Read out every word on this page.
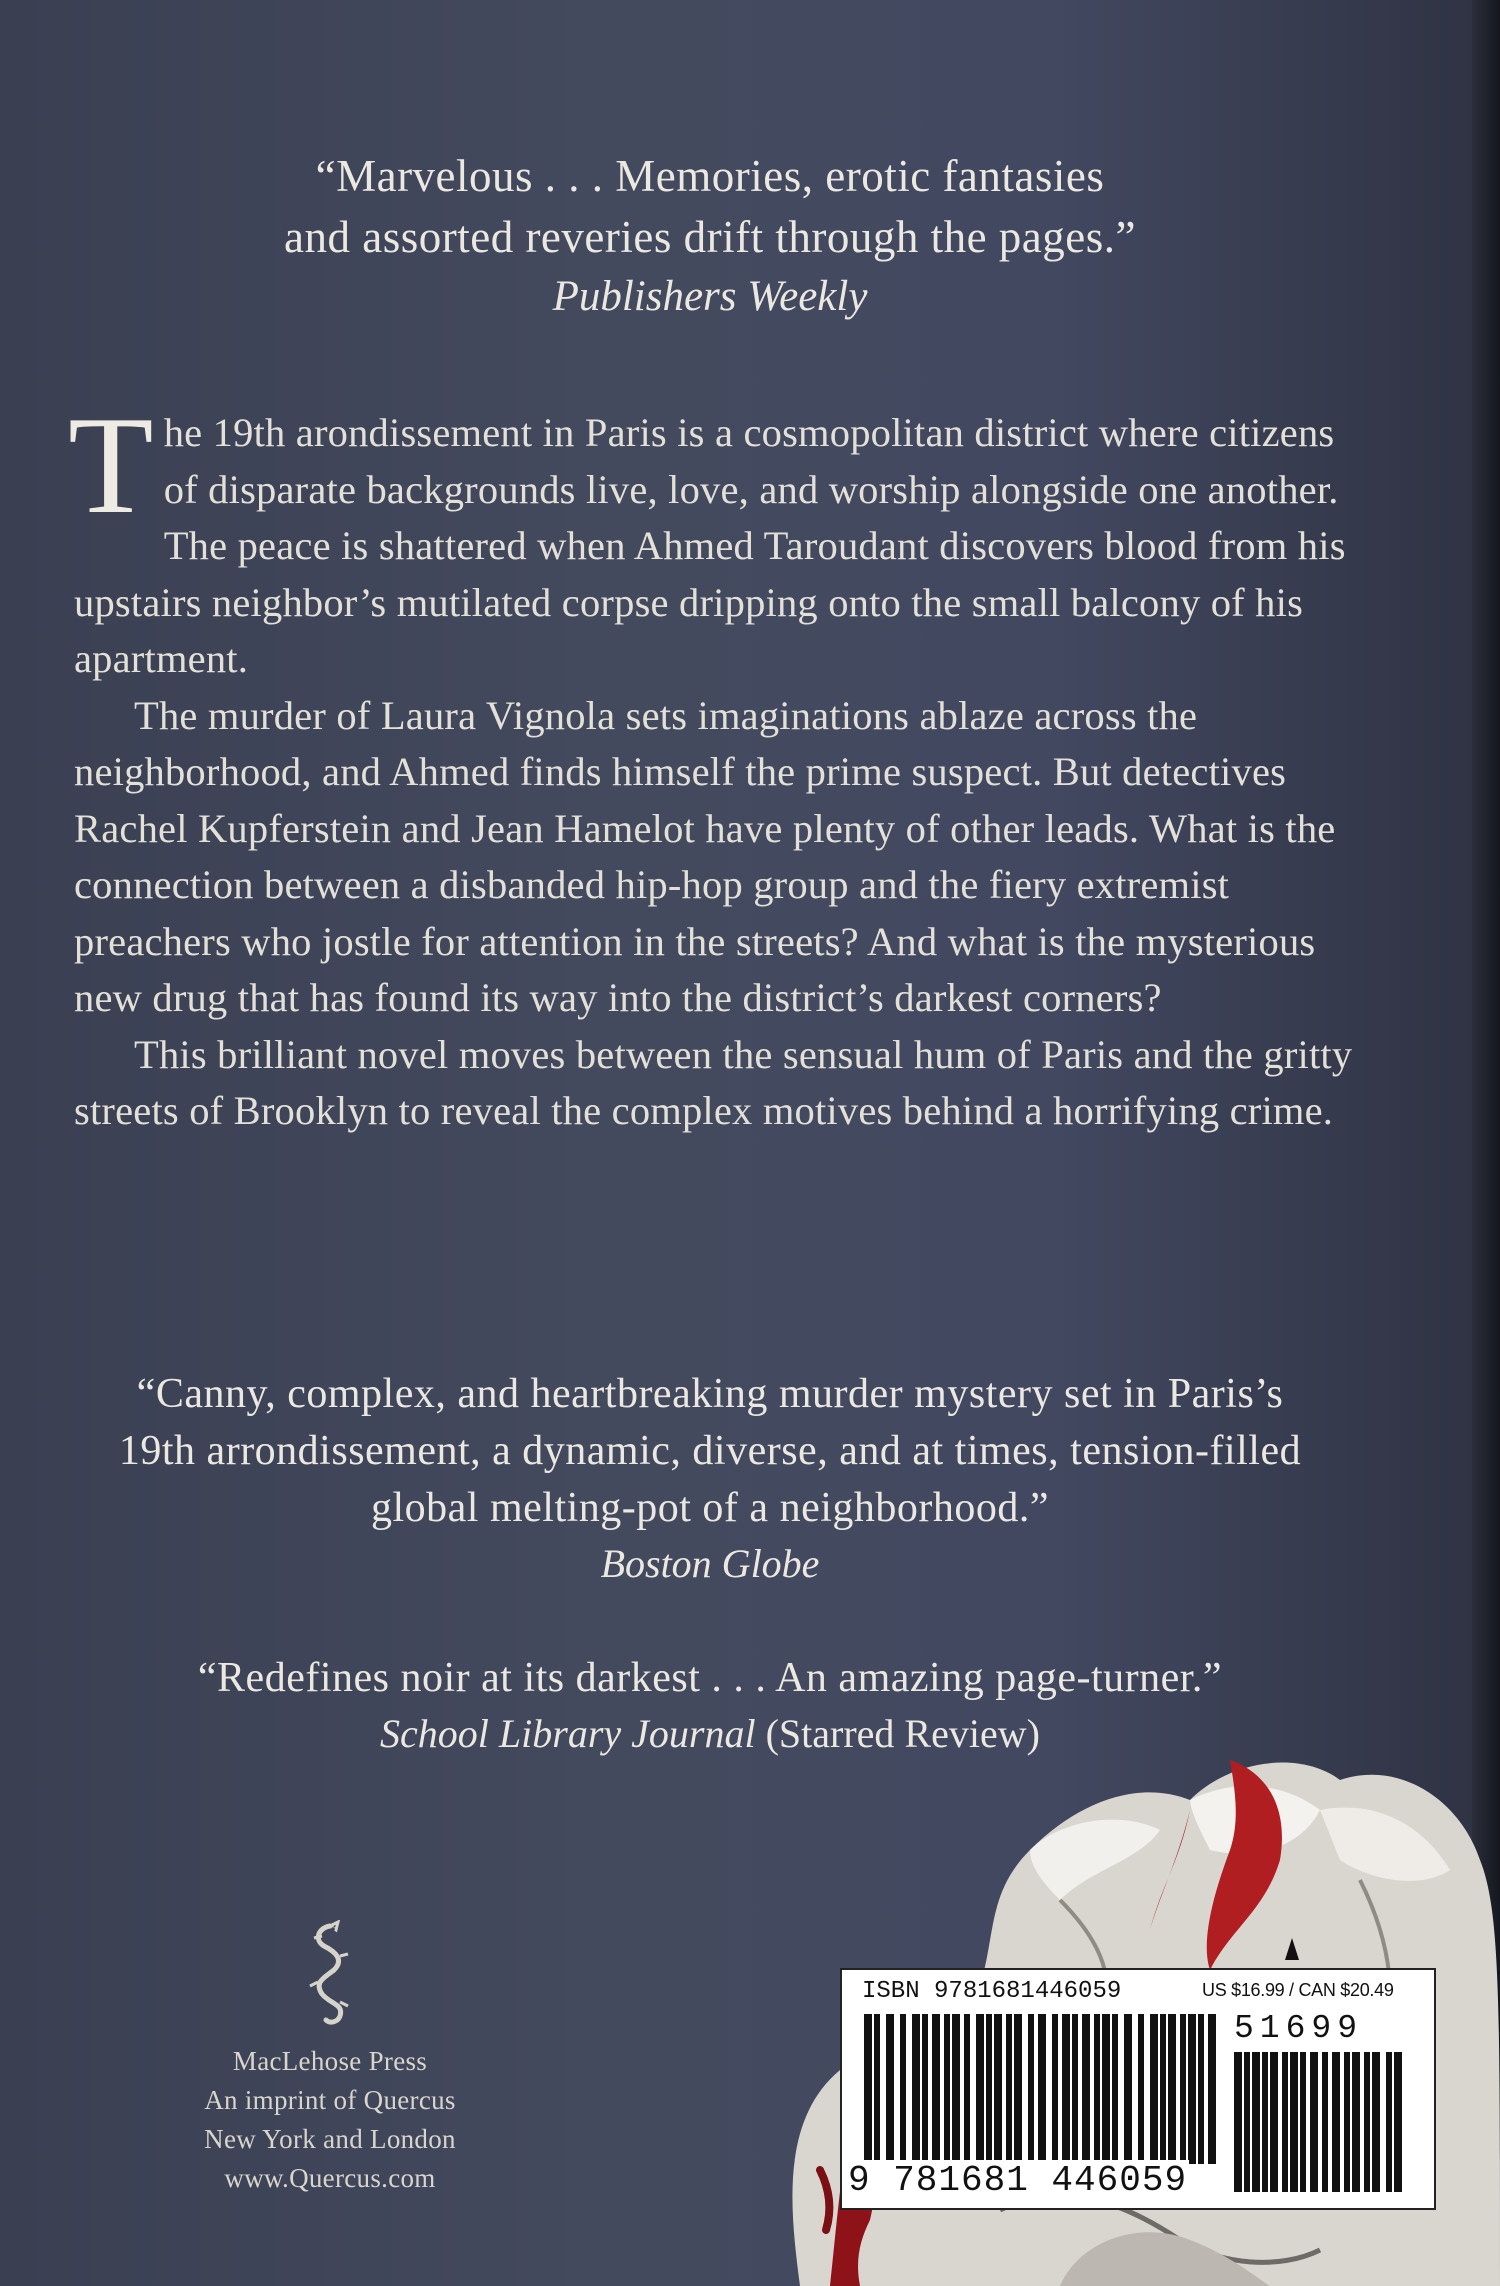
“Marvelous . . . Memories, erotic fantasies
and assorted reveries drift through the pages.”
Publishers Weekly

The 19th arondissement in Paris is a cosmopolitan district where citizens of disparate backgrounds live, love, and worship alongside one another. The peace is shattered when Ahmed Taroudant discovers blood from his upstairs neighbor’s mutilated corpse dripping onto the small balcony of his apartment.

The murder of Laura Vignola sets imaginations ablaze across the neighborhood, and Ahmed finds himself the prime suspect. But detectives Rachel Kupferstein and Jean Hamelot have plenty of other leads. What is the connection between a disbanded hip-hop group and the fiery extremist preachers who jostle for attention in the streets? And what is the mysterious new drug that has found its way into the district’s darkest corners?

This brilliant novel moves between the sensual hum of Paris and the gritty streets of Brooklyn to reveal the complex motives behind a horrifying crime.

“Canny, complex, and heartbreaking murder mystery set in Paris’s
19th arrondissement, a dynamic, diverse, and at times, tension-filled
global melting-pot of a neighborhood.”
Boston Globe
“Redefines noir at its darkest . . . An amazing page-turner.”
School Library Journal (Starred Review)
MacLehose Press
An imprint of Quercus
New York and London
www.Quercus.com
ISBN 9781681446059	US $16.99 / CAN $20.49
51699
9 781681 446059
